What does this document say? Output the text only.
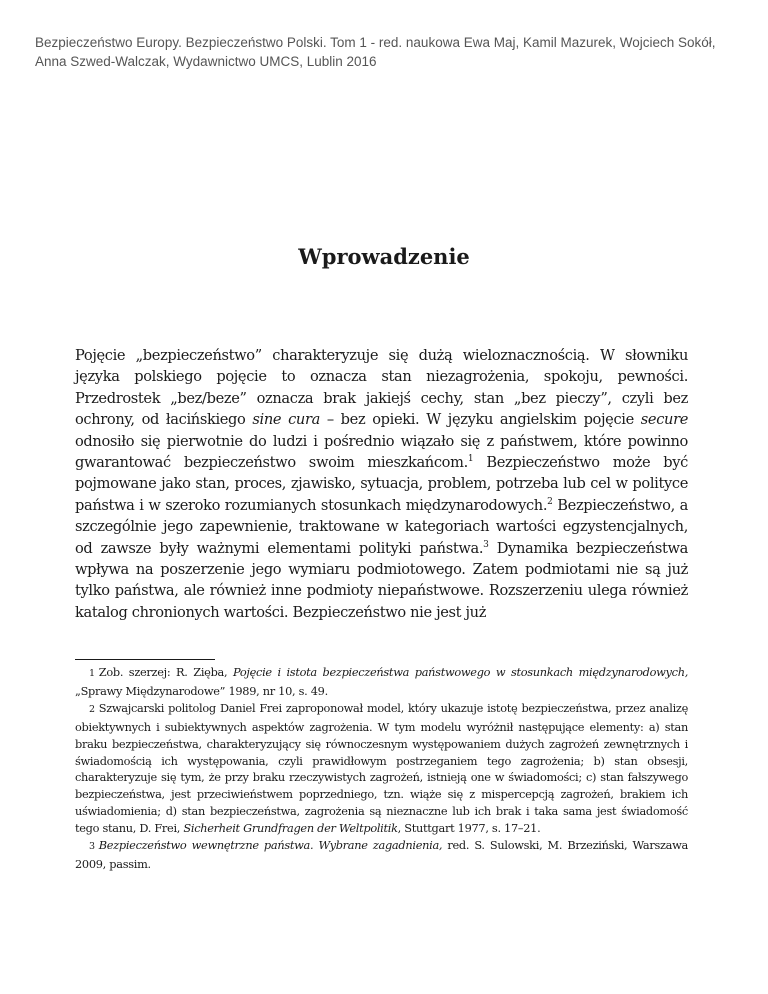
Bezpieczeństwo Europy. Bezpieczeństwo Polski. Tom 1 - red. naukowa Ewa Maj, Kamil Mazurek, Wojciech Sokół, Anna Szwed-Walczak, Wydawnictwo UMCS, Lublin 2016
Wprowadzenie

Pojęcie „bezpieczeństwo” charakteryzuje się dużą wieloznacznością. W słowniku języka polskiego pojęcie to oznacza stan niezagrożenia, spokoju, pewności. Przedrostek „bez/beze” oznacza brak jakiejś cechy, stan „bez pieczy”, czyli bez ochrony, od łacińskiego sine cura – bez opieki. W języku angielskim pojęcie secure odnosiło się pierwotnie do ludzi i pośrednio wiązało się z państwem, które powinno gwarantować bezpieczeństwo swoim mieszkańcom.$^1$ Bezpieczeństwo może być pojmowane jako stan, proces, zjawisko, sytuacja, problem, potrzeba lub cel w polityce państwa i w szeroko rozumianych stosunkach międzynarodowych.$^2$ Bezpieczeństwo, a szczególnie jego zapewnienie, traktowane w kategoriach wartości egzystencjalnych, od zawsze były ważnymi elementami polityki państwa.$^3$ Dynamika bezpieczeństwa wpływa na poszerzenie jego wymiaru podmiotowego. Zatem podmiotami nie są już tylko państwa, ale również inne podmioty niepaństwowe. Rozszerzeniu ulega również katalog chronionych wartości. Bezpieczeństwo nie jest już

1 Zob. szerzej: R. Zięba, Pojęcie i istota bezpieczeństwa państwowego w stosunkach międzynarodowych, „Sprawy Międzynarodowe” 1989, nr 10, s. 49.

2 Szwajcarski politolog Daniel Frei zaproponował model, który ukazuje istotę bezpieczeństwa, przez analizę obiektywnych i subiektywnych aspektów zagrożenia. W tym modelu wyróżnił następujące elementy: a) stan braku bezpieczeństwa, charakteryzujący się równoczesnym występowaniem dużych zagrożeń zewnętrznych i świadomością ich występowania, czyli prawidłowym postrzeganiem tego zagrożenia; b) stan obsesji, charakteryzuje się tym, że przy braku rzeczywistych zagrożeń, istnieją one w świadomości; c) stan fałszywego bezpieczeństwa, jest przeciwieństwem poprzedniego, tzn. wiąże się z mispercepcją zagrożeń, brakiem ich uświadomienia; d) stan bezpieczeństwa, zagrożenia są nieznaczne lub ich brak i taka sama jest świadomość tego stanu, D. Frei, Sicherheit Grundfragen der Weltpolitik, Stuttgart 1977, s. 17–21.

3 Bezpieczeństwo wewnętrzne państwa. Wybrane zagadnienia, red. S. Sulowski, M. Brzeziński, Warszawa 2009, passim.
